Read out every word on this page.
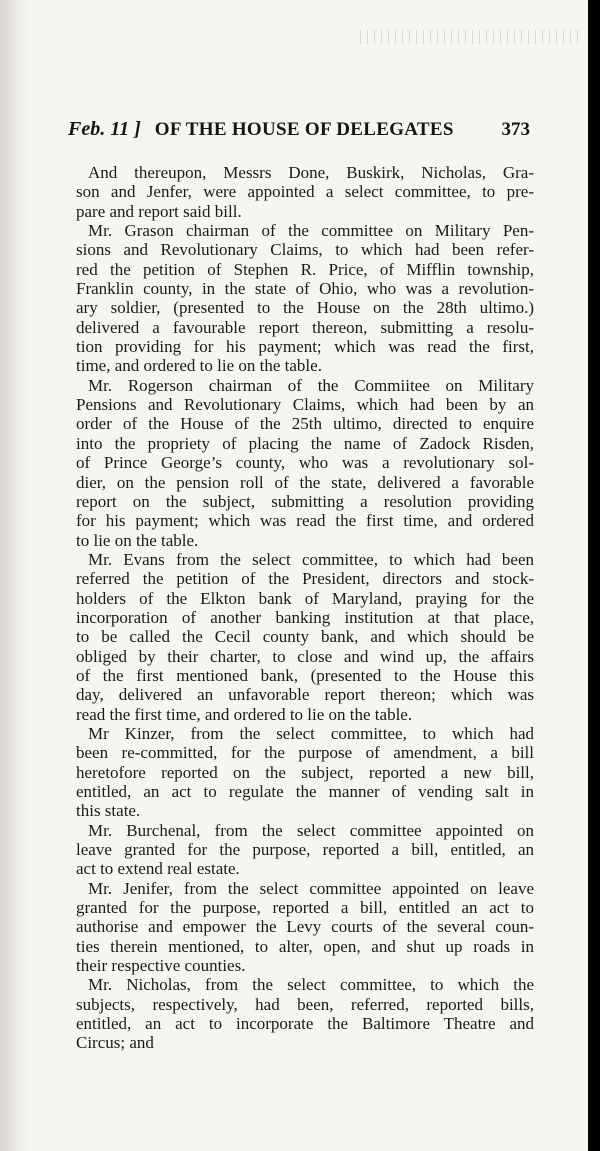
Feb. 11 ] OF THE HOUSE OF DELEGATES	373
And thereupon, Messrs Done, Buskirk, Nicholas, Gra-
son and Jenfer, were appointed a select committee, to pre-
pare and report said bill.
Mr. Grason chairman of the committee on Military Pen-
sions and Revolutionary Claims, to which had been refer-
red the petition of Stephen R. Price, of Mifflin township,
Franklin county, in the state of Ohio, who was a revolution-
ary soldier, (presented to the House on the 28th ultimo.)
delivered a favourable report thereon, submitting a resolu-
tion providing for his payment; which was read the first,
time, and ordered to lie on the table.
Mr. Rogerson chairman of the Commiitee on Military
Pensions and Revolutionary Claims, which had been by an
order of the House of the 25th ultimo, directed to enquire
into the propriety of placing the name of Zadock Risden,
of Prince George’s county, who was a revolutionary sol-
dier, on the pension roll of the state, delivered a favorable
report on the subject, submitting a resolution providing
for his payment; which was read the first time, and ordered
to lie on the table.
Mr. Evans from the select committee, to which had been
referred the petition of the President, directors and stock-
holders of the Elkton bank of Maryland, praying for the
incorporation of another banking institution at that place,
to be called the Cecil county bank, and which should be
obliged by their charter, to close and wind up, the affairs
of the first mentioned bank, (presented to the House this
day, delivered an unfavorable report thereon; which was
read the first time, and ordered to lie on the table.
Mr Kinzer, from the select committee, to which had
been re-committed, for the purpose of amendment, a bill
heretofore reported on the subject, reported a new bill,
entitled, an act to regulate the manner of vending salt in
this state.
Mr. Burchenal, from the select committee appointed on
leave granted for the purpose, reported a bill, entitled, an
act to extend real estate.
Mr. Jenifer, from the select committee appointed on leave
granted for the purpose, reported a bill, entitled an act to
authorise and empower the Levy courts of the several coun-
ties therein mentioned, to alter, open, and shut up roads in
their respective counties.
Mr. Nicholas, from the select committee, to which the
subjects, respectively, had been, referred, reported bills,
entitled, an act to incorporate the Baltimore Theatre and
Circus; and
